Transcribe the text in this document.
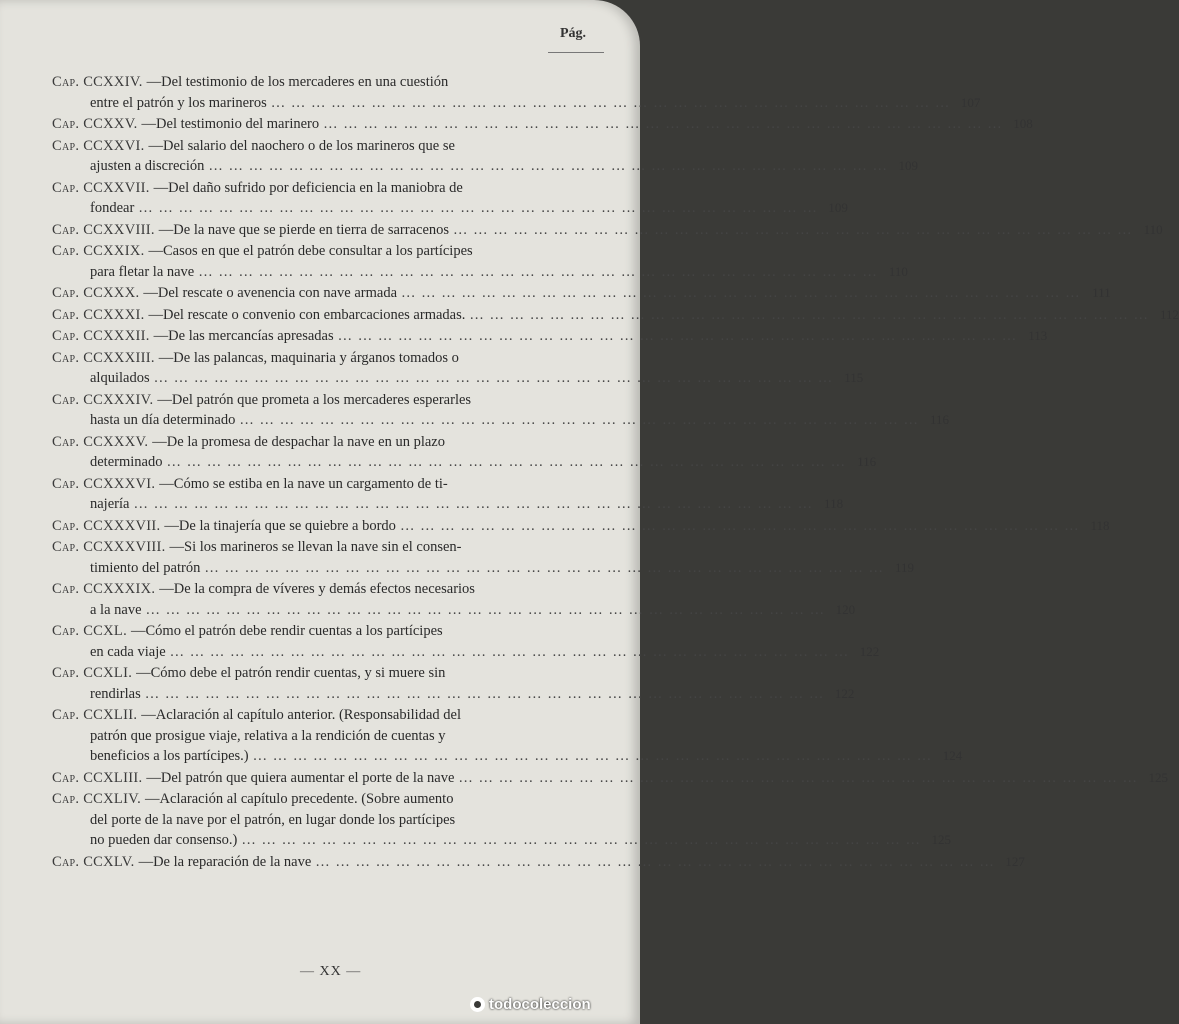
Pág.
Cap. CCXXIV. —Del testimonio de los mercaderes en una cuestión
entre el patrón y los marineros … … … … … … … … … … … … … … … … … … … … … … … … … … … … … … … … … …	107
Cap. CCXXV. —Del testimonio del marinero … … … … … … … … … … … … … … … … … … … … … … … … … … … … … … … … … …	108
Cap. CCXXVI. —Del salario del naochero o de los marineros que se
ajusten a discreción … … … … … … … … … … … … … … … … … … … … … … … … … … … … … … … … … …	109
Cap. CCXXVII. —Del daño sufrido por deficiencia en la maniobra de
fondear … … … … … … … … … … … … … … … … … … … … … … … … … … … … … … … … … …	109
Cap. CCXXVIII. —De la nave que se pierde en tierra de sarracenos … … … … … … … … … … … … … … … … … … … … … … … … … … … … … … … … … …	110
Cap. CCXXIX. —Casos en que el patrón debe consultar a los partícipes
para fletar la nave … … … … … … … … … … … … … … … … … … … … … … … … … … … … … … … … … …	110
Cap. CCXXX. —Del rescate o avenencia con nave armada … … … … … … … … … … … … … … … … … … … … … … … … … … … … … … … … … …	111
Cap. CCXXXI. —Del rescate o convenio con embarcaciones armadas. … … … … … … … … … … … … … … … … … … … … … … … … … … … … … … … … … …	112
Cap. CCXXXII. —De las mercancías apresadas … … … … … … … … … … … … … … … … … … … … … … … … … … … … … … … … … …	113
Cap. CCXXXIII. —De las palancas, maquinaria y árganos tomados o
alquilados … … … … … … … … … … … … … … … … … … … … … … … … … … … … … … … … … …	115
Cap. CCXXXIV. —Del patrón que prometa a los mercaderes esperarles
hasta un día determinado … … … … … … … … … … … … … … … … … … … … … … … … … … … … … … … … … …	116
Cap. CCXXXV. —De la promesa de despachar la nave en un plazo
determinado … … … … … … … … … … … … … … … … … … … … … … … … … … … … … … … … … …	116
Cap. CCXXXVI. —Cómo se estiba en la nave un cargamento de ti-
najería … … … … … … … … … … … … … … … … … … … … … … … … … … … … … … … … … …	118
Cap. CCXXXVII. —De la tinajería que se quiebre a bordo … … … … … … … … … … … … … … … … … … … … … … … … … … … … … … … … … …	118
Cap. CCXXXVIII. —Si los marineros se llevan la nave sin el consen-
timiento del patrón … … … … … … … … … … … … … … … … … … … … … … … … … … … … … … … … … …	119
Cap. CCXXXIX. —De la compra de víveres y demás efectos necesarios
a la nave … … … … … … … … … … … … … … … … … … … … … … … … … … … … … … … … … …	120
Cap. CCXL. —Cómo el patrón debe rendir cuentas a los partícipes
en cada viaje … … … … … … … … … … … … … … … … … … … … … … … … … … … … … … … … … …	122
Cap. CCXLI. —Cómo debe el patrón rendir cuentas, y si muere sin
rendirlas … … … … … … … … … … … … … … … … … … … … … … … … … … … … … … … … … …	122
Cap. CCXLII. —Aclaración al capítulo anterior. (Responsabilidad del
patrón que prosigue viaje, relativa a la rendición de cuentas y
beneficios a los partícipes.) … … … … … … … … … … … … … … … … … … … … … … … … … … … … … … … … … …	124
Cap. CCXLIII. —Del patrón que quiera aumentar el porte de la nave … … … … … … … … … … … … … … … … … … … … … … … … … … … … … … … … … …	125
Cap. CCXLIV. —Aclaración al capítulo precedente. (Sobre aumento
del porte de la nave por el patrón, en lugar donde los partícipes
no pueden dar consenso.) … … … … … … … … … … … … … … … … … … … … … … … … … … … … … … … … … …	125
Cap. CCXLV. —De la reparación de la nave … … … … … … … … … … … … … … … … … … … … … … … … … … … … … … … … … …	127
— XX —
todocoleccion
